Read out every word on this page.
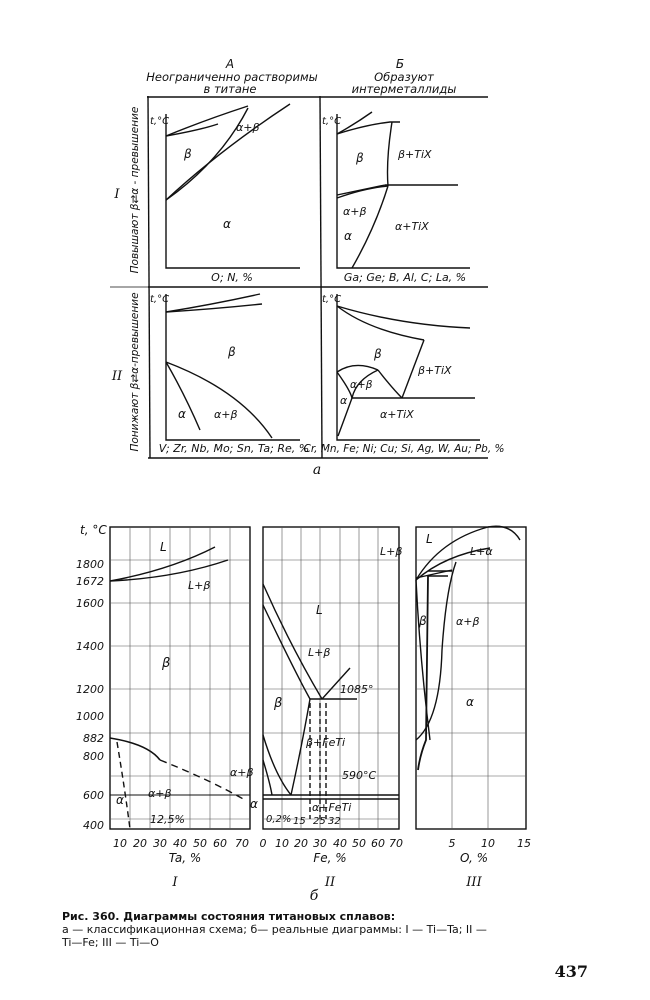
А
Неограниченно растворимы
в титане
Б
Образуют
интерметаллиды
I Повышают β⇄α - превышение
II Понижают β⇄α-превышение
t,°C	t,°C
t,°C	t,°C
O; N, %	Ga; Ge; B, Al, C; La, %
V; Zr, Nb, Mo; Sn, Ta; Re, %
Cr, Mn, Fe; Ni; Cu; Si, Ag, W, Au; Pb, %
α+β
β
α
β	β+TiX
α+β
α
α+TiX
β
α	α+β
β
β+TiX
α+β
α
α+TiX
а
t, °C
1800
1672
1600
1400
1200
1000
882
800
600
400
L
L+β
β
α α+β
12,5%
10 20 30 40 50 60 70
Ta, %
I
L
L+β
1085°
β
β+FeTi
590°C
α+β
α	α+FeTi
0,2% 15 25 32
0 10 20 30 40 50 60 70
Fe, %
II
L
L+β	L+α
β	α+β
α
5 10 15
O, %
III
б
Рис. 360. Диаграммы состояния титановых сплавов:
а — классификационная схема; б— реальные диаграммы: I — Ti—Ta; II —
Ti—Fe; III — Ti—O
437
